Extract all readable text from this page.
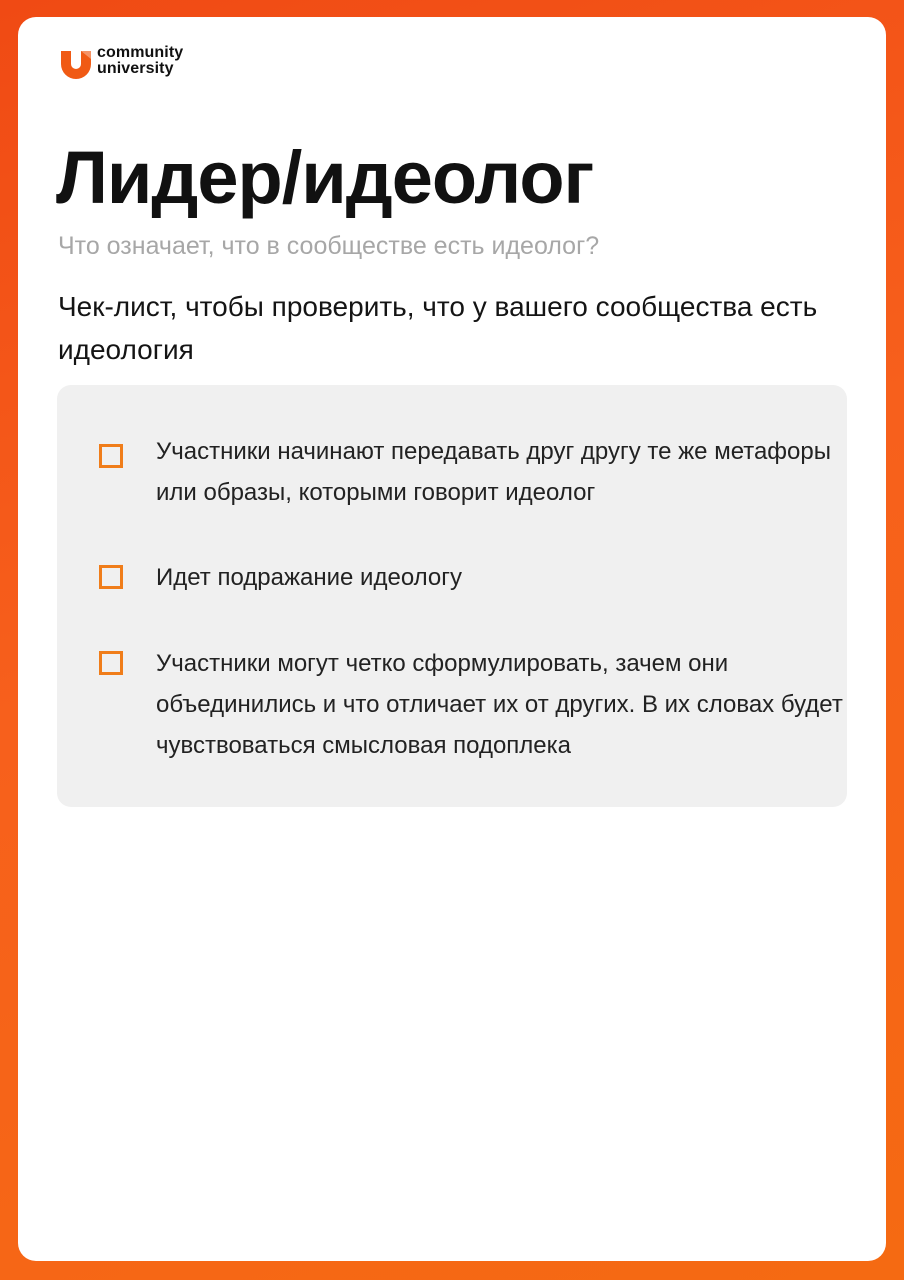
community
university
Лидер/идеолог

Что означает, что в сообществе есть идеолог?

Чек-лист, чтобы проверить, что у вашего сообщества есть идеология

Участники начинают передавать друг другу те же метафоры или образы, которыми говорит идеолог

Идет подражание идеологу

Участники могут четко сформулировать, зачем они объединились и что отличает их от других. В их словах будет чувствоваться смысловая подоплека
